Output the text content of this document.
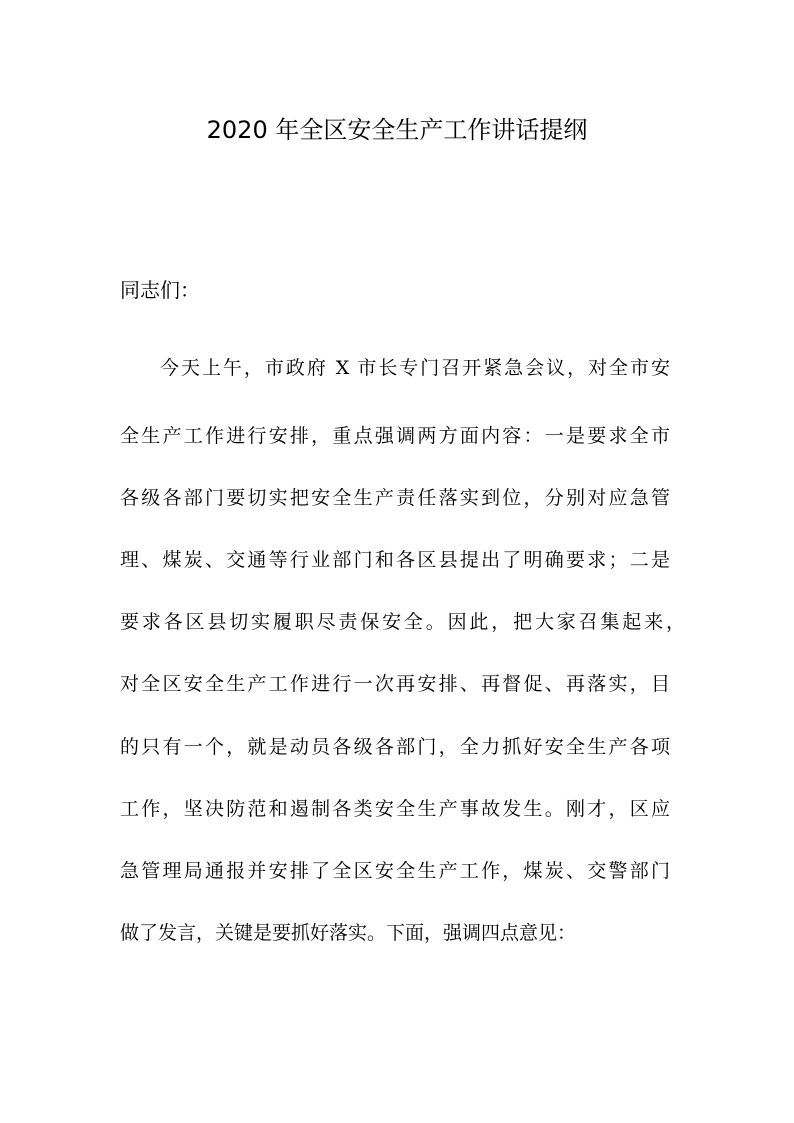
2020 年全区安全生产工作讲话提纲
同志们：
今天上午，市政府 X 市长专门召开紧急会议，对全市安
全生产工作进行安排，重点强调两方面内容：一是要求全市
各级各部门要切实把安全生产责任落实到位，分别对应急管
理、煤炭、交通等行业部门和各区县提出了明确要求；二是
要求各区县切实履职尽责保安全。因此，把大家召集起来，
对全区安全生产工作进行一次再安排、再督促、再落实，目
的只有一个，就是动员各级各部门，全力抓好安全生产各项
工作，坚决防范和遏制各类安全生产事故发生。刚才，区应
急管理局通报并安排了全区安全生产工作，煤炭、交警部门
做了发言，关键是要抓好落实。下面，强调四点意见：
